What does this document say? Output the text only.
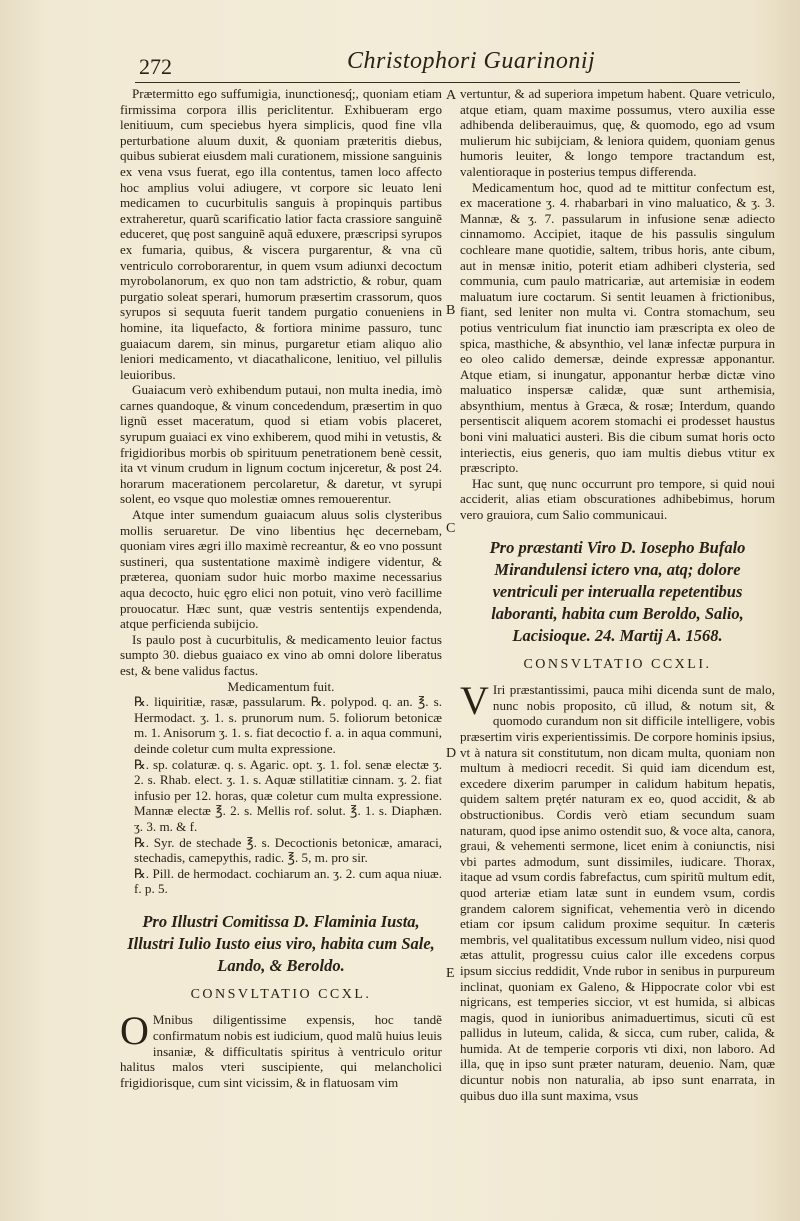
272	Christophori Guarinonij

Prætermitto ego suffumigia, inunctionesq́;, quoniam etiam firmissima corpora illis periclitentur. Exhibueram ergo lenitiuum, cum speciebus hyera simplicis, quod fine vlla perturbatione aluum duxit, & quoniam præteritis diebus, quibus subierat eiusdem mali curationem, missione sanguinis ex vena vsus fuerat, ego illa contentus, tamen loco affecto hoc amplius volui adiugere, vt corpore sic leuato leni medicamen to cucurbitulis sanguis à propinquis partibus extraheretur, quarũ scarificatio latior facta crassiore sanguinẽ educeret, quę post sanguinẽ aquã eduxere, præscripsi syrupos ex fumaria, quibus, & viscera purgarentur, & vna cũ ventriculo corroborarentur, in quem vsum adiunxi decoctum myrobolanorum, ex quo non tam adstrictio, & robur, quam purgatio soleat sperari, humorum præsertim crassorum, quos syrupos si sequuta fuerit tandem purgatio conueniens in homine, ita liquefacto, & fortiora minime passuro, tunc guaiacum darem, sin minus, purgaretur etiam aliquo alio leniori medicamento, vt diacathalicone, lenitiuo, vel pillulis leuioribus.

Guaiacum verò exhibendum putaui, non multa inedia, imò carnes quandoque, & vinum concedendum, præsertim in quo lignũ esset maceratum, quod si etiam vobis placeret, syrupum guaiaci ex vino exhiberem, quod mihi in vetustis, & frigidioribus morbis ob spirituum penetrationem benè cessit, ita vt vinum crudum in lignum coctum injceretur, & post 24. horarum macerationem percolaretur, & daretur, vt syrupi solent, eo vsque quo molestiæ omnes remouerentur.

Atque inter sumendum guaiacum aluus solis clysteribus mollis seruaretur. De vino libentius hęc decernebam, quoniam vires ægri illo maximè recreantur, & eo vno possunt sustineri, qua sustentatione maximè indigere videntur, & præterea, quoniam sudor huic morbo maxime necessarius aqua decocto, huic ęgro elici non potuit, vino verò facillime prouocatur. Hæc sunt, quæ vestris sententijs expendenda, atque perficienda subijcio.

Is paulo post à cucurbitulis, & medicamento leuior factus sumpto 30. diebus guaiaco ex vino ab omni dolore liberatus est, & bene validus factus.

Medicamentum fuit.

℞. liquiritiæ, rasæ, passularum. ℞. polypod. q. an. ℥. s. Hermodact. ʒ. 1. s. prunorum num. 5. foliorum betonicæ m. 1. Anisorum ʒ. 1. s. fiat decoctio f. a. in aqua communi, deinde coletur cum multa expressione.

℞. sp. colaturæ. q. s. Agaric. opt. ʒ. 1. fol. senæ electæ ʒ. 2. s. Rhab. elect. ʒ. 1. s. Aquæ stillatitiæ cinnam. ʒ. 2. fiat infusio per 12. horas, quæ coletur cum multa expressione. Mannæ electæ ℥. 2. s. Mellis rof. solut. ℥. 1. s. Diaphæn. ʒ. 3. m. & f.

℞. Syr. de stechade ℥. s. Decoctionis betonicæ, amaraci, stechadis, camepythis, radic. ℥. 5, m. pro sir.

℞. Pill. de hermodact. cochiarum an. ʒ. 2. cum aqua niuæ. f. p. 5.

Pro Illustri Comitissa D. Flaminia Iusta, Illustri Iulio Iusto eius viro, habita cum Sale, Lando, & Beroldo.
CONSVLTATIO CCXL.

O Mnibus diligentissime expensis, hoc tandẽ confirmatum nobis est iudicium, quod malũ huius leuis insaniæ, & difficultatis spiritus à ventriculo oritur halitus malos vteri suscipiente, qui melancholici frigidiorisque, cum sint vicissim, & in flatuosam vim

vertuntur, & ad superiora impetum habent. Quare vetriculo, atque etiam, quam maxime possumus, vtero auxilia esse adhibenda deliberauimus, quę, & quomodo, ego ad vsum mulierum hic subijciam, & leniora quidem, quoniam genus humoris leuiter, & longo tempore tractandum est, valentioraque in posterius tempus differenda.

Medicamentum hoc, quod ad te mittitur confectum est, ex maceratione ʒ. 4. rhabarbari in vino maluatico, & ʒ. 3. Mannæ, & ʒ. 7. passularum in infusione senæ adiecto cinnamomo. Accipiet, itaque de his passulis singulum cochleare mane quotidie, saltem, tribus horis, ante cibum, aut in mensæ initio, poterit etiam adhiberi clysteria, sed communia, cum paulo matricariæ, aut artemisiæ in eodem maluatum iure coctarum. Si sentit leuamen à frictionibus, fiant, sed leniter non multa vi. Contra stomachum, seu potius ventriculum fiat inunctio iam præscripta ex oleo de spica, masthiche, & absynthio, vel lanæ infectæ purpura in eo oleo calido demersæ, deinde expressæ apponantur. Atque etiam, si inungatur, apponantur herbæ dictæ vino maluatico inspersæ calidæ, quæ sunt arthemisia, absynthium, mentus à Græca, & rosæ; Interdum, quando persentiscit aliquem acorem stomachi ei prodesset haustus boni vini maluatici austeri. Bis die cibum sumat horis octo interiectis, eius generis, quo iam multis diebus vtitur ex præscripto.

Hac sunt, quę nunc occurrunt pro tempore, si quid noui acciderit, alias etiam obscurationes adhibebimus, horum vero grauiora, cum Salio communicaui.

Pro præstanti Viro D. Iosepho Bufalo Mirandulensi ictero vna, atq; dolore ventriculi per interualla repetentibus laboranti, habita cum Beroldo, Salio, Lacisioque. 24. Martij A. 1568.
CONSVLTATIO CCXLI.

V Iri præstantissimi, pauca mihi dicenda sunt de malo, nunc nobis proposito, cũ illud, & notum sit, & quomodo curandum non sit difficile intelligere, vobis præsertim viris experientissimis. De corpore hominis ipsius, vt à natura sit constitutum, non dicam multa, quoniam non multum à mediocri recedit. Si quid iam dicendum est, excedere dixerim parumper in calidum habitum hepatis, quidem saltem prętér naturam ex eo, quod accidit, & ab obstructionibus. Cordis verò etiam secundum suam naturam, quod ipse animo ostendit suo, & voce alta, canora, graui, & vehementi sermone, licet enim à coniunctis, nisi vbi partes admodum, sunt dissimiles, iudicare. Thorax, itaque ad vsum cordis fabrefactus, cum spiritũ multum edit, quod arteriæ etiam latæ sunt in eundem vsum, cordis grandem calorem significat, vehementia verò in dicendo etiam cor ipsum calidum proxime sequitur. In cæteris membris, vel qualitatibus excessum nullum video, nisi quod ætas attulit, progressu cuius calor ille excedens corpus ipsum siccius reddidit, Vnde rubor in senibus in purpureum inclinat, quoniam ex Galeno, & Hippocrate color vbi est nigricans, est temperies siccior, vt est humida, si albicas magis, quod in iunioribus animaduertimus, sicuti cũ est pallidus in luteum, calida, & sicca, cum ruber, calida, & humida. At de temperie corporis vti dixi, non laboro. Ad illa, quę in ipso sunt præter naturam, deuenio. Nam, quæ dicuntur nobis non naturalia, ab ipso sunt enarrata, in quibus duo illa sunt maxima, vsus

A
B
C
D
E
